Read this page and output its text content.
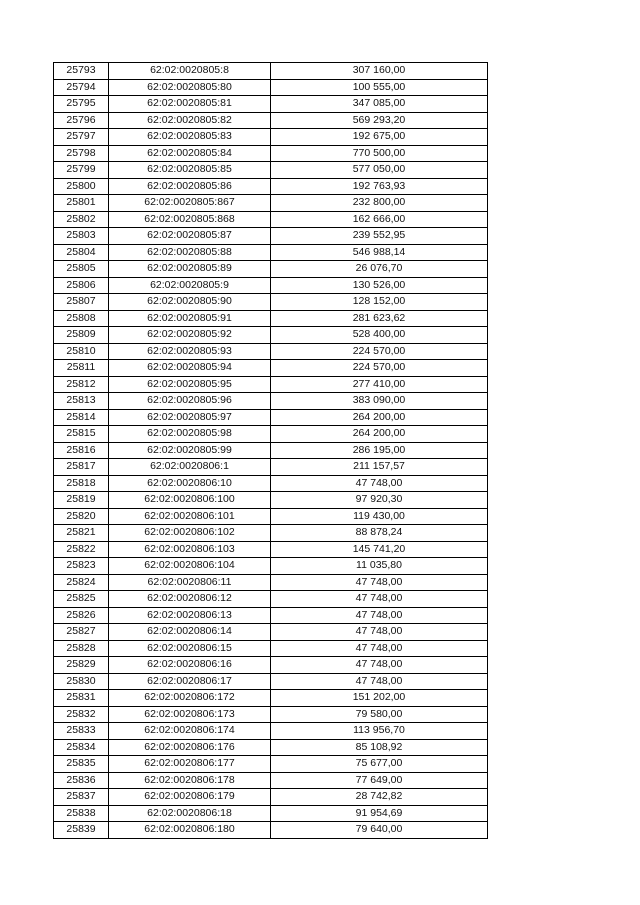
25793	62:02:0020805:8	307 160,00
25794	62:02:0020805:80	100 555,00
25795	62:02:0020805:81	347 085,00
25796	62:02:0020805:82	569 293,20
25797	62:02:0020805:83	192 675,00
25798	62:02:0020805:84	770 500,00
25799	62:02:0020805:85	577 050,00
25800	62:02:0020805:86	192 763,93
25801	62:02:0020805:867	232 800,00
25802	62:02:0020805:868	162 666,00
25803	62:02:0020805:87	239 552,95
25804	62:02:0020805:88	546 988,14
25805	62:02:0020805:89	26 076,70
25806	62:02:0020805:9	130 526,00
25807	62:02:0020805:90	128 152,00
25808	62:02:0020805:91	281 623,62
25809	62:02:0020805:92	528 400,00
25810	62:02:0020805:93	224 570,00
25811	62:02:0020805:94	224 570,00
25812	62:02:0020805:95	277 410,00
25813	62:02:0020805:96	383 090,00
25814	62:02:0020805:97	264 200,00
25815	62:02:0020805:98	264 200,00
25816	62:02:0020805:99	286 195,00
25817	62:02:0020806:1	211 157,57
25818	62:02:0020806:10	47 748,00
25819	62:02:0020806:100	97 920,30
25820	62:02:0020806:101	119 430,00
25821	62:02:0020806:102	88 878,24
25822	62:02:0020806:103	145 741,20
25823	62:02:0020806:104	11 035,80
25824	62:02:0020806:11	47 748,00
25825	62:02:0020806:12	47 748,00
25826	62:02:0020806:13	47 748,00
25827	62:02:0020806:14	47 748,00
25828	62:02:0020806:15	47 748,00
25829	62:02:0020806:16	47 748,00
25830	62:02:0020806:17	47 748,00
25831	62:02:0020806:172	151 202,00
25832	62:02:0020806:173	79 580,00
25833	62:02:0020806:174	113 956,70
25834	62:02:0020806:176	85 108,92
25835	62:02:0020806:177	75 677,00
25836	62:02:0020806:178	77 649,00
25837	62:02:0020806:179	28 742,82
25838	62:02:0020806:18	91 954,69
25839	62:02:0020806:180	79 640,00
